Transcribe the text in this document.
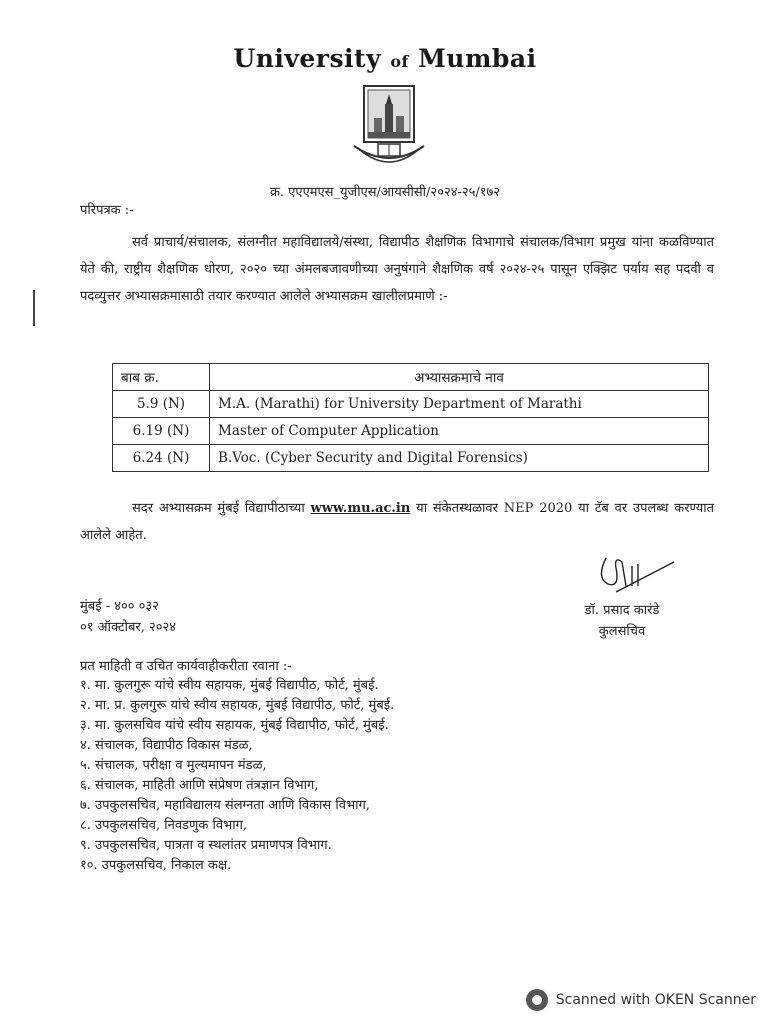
University of Mumbai
क्र. एएएमएस_युजीएस/आयसीसी/२०२४-२५/१७२
परिपत्रक :-
सर्व प्राचार्य/संचालक, संलग्नीत महाविद्यालये/संस्था, विद्यापीठ शैक्षणिक विभागाचे संचालक/विभाग प्रमुख यांना कळविण्यात येते की, राष्ट्रीय शैक्षणिक धोरण, २०२० च्या अंमलबजावणीच्या अनुषंगाने शैक्षणिक वर्ष २०२४-२५ पासून एक्झिट पर्याय सह पदवी व पदव्युत्तर अभ्यासक्रमासाठी तयार करण्यात आलेले अभ्यासक्रम खालीलप्रमाणे :-
बाब क्र.	अभ्यासक्रमाचे नाव
5.9 (N)	M.A. (Marathi) for University Department of Marathi
6.19 (N)	Master of Computer Application
6.24 (N)	B.Voc. (Cyber Security and Digital Forensics)
सदर अभ्यासक्रम मुंबई विद्यापीठाच्या www.mu.ac.in या संकेतस्थळावर NEP 2020 या टॅब वर उपलब्ध करण्यात आलेले आहेत.
मुंबई - ४०० ०३२
०१ ऑक्टोबर, २०२४
डॉ. प्रसाद कारंडे
कुलसचिव
प्रत माहिती व उचित कार्यवाहीकरीता रवाना :-
१. मा. कुलगुरू यांचे स्वीय सहायक, मुंबई विद्यापीठ, फोर्ट, मुंबई.
२. मा. प्र. कुलगुरू यांचे स्वीय सहायक, मुंबई विद्यापीठ, फोर्ट, मुंबई.
३. मा. कुलसचिव यांचे स्वीय सहायक, मुंबई विद्यापीठ, फोर्ट, मुंबई.
४. संचालक, विद्यापीठ विकास मंडळ,
५. संचालक, परीक्षा व मुल्यमापन मंडळ,
६. संचालक, माहिती आणि संप्रेषण तंत्रज्ञान विभाग,
७. उपकुलसचिव, महाविद्यालय संलग्नता आणि विकास विभाग,
८. उपकुलसचिव, निवडणुक विभाग,
९. उपकुलसचिव, पात्रता व स्थलांतर प्रमाणपत्र विभाग.
१०. उपकुलसचिव, निकाल कक्ष.
Scanned with OKEN Scanner
